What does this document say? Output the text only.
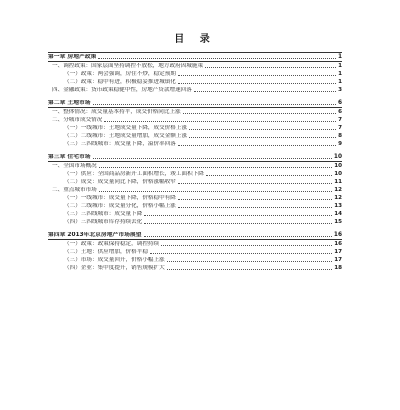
目 录
第一章 房地产政策	1
一、调控政策：国家层面坚持调控不放松，地方政府因城施策	1
（一）政策：两会强调，房住不炒，稳定预期	1
（二）政策：稳中有进，积极稳妥推进城镇化	1
四、金融政策：货币政策稳健中性，房地产贷款增速回落	3
第二章 土地市场	6
一、整体情况：成交量基本持平，成交价格同比上涨	6
二、分城市成交情况	7
（一）一线城市：土地成交量下降，成交价格上涨	7
（二）二线城市：土地成交量增加，成交金额上涨	8
（三）三四线城市：成交量下降，溢价率回落	9
第三章 住宅市场	10
一、全国市场概况	10
（一）供应：全国商品房新开工面积增长，竣工面积下降	10
（二）成交：成交量同比下降，价格涨幅收窄	11
二、重点城市市场	12
（一）一线城市：成交量下降，价格稳中有降	12
（二）二线城市：成交量分化，价格小幅上涨	13
（三）三四线城市：成交量下降	14
（四）三四线城市库存持续去化	15
第四章 2013年北京房地产市场展望	16
（一）政策：政策保持稳定，调控持续	16
（二）土地：供应增加，价格平稳	17
（三）市场：成交量回升，价格小幅上涨	17
（四）企业：集中度提升，销售规模扩大	18
